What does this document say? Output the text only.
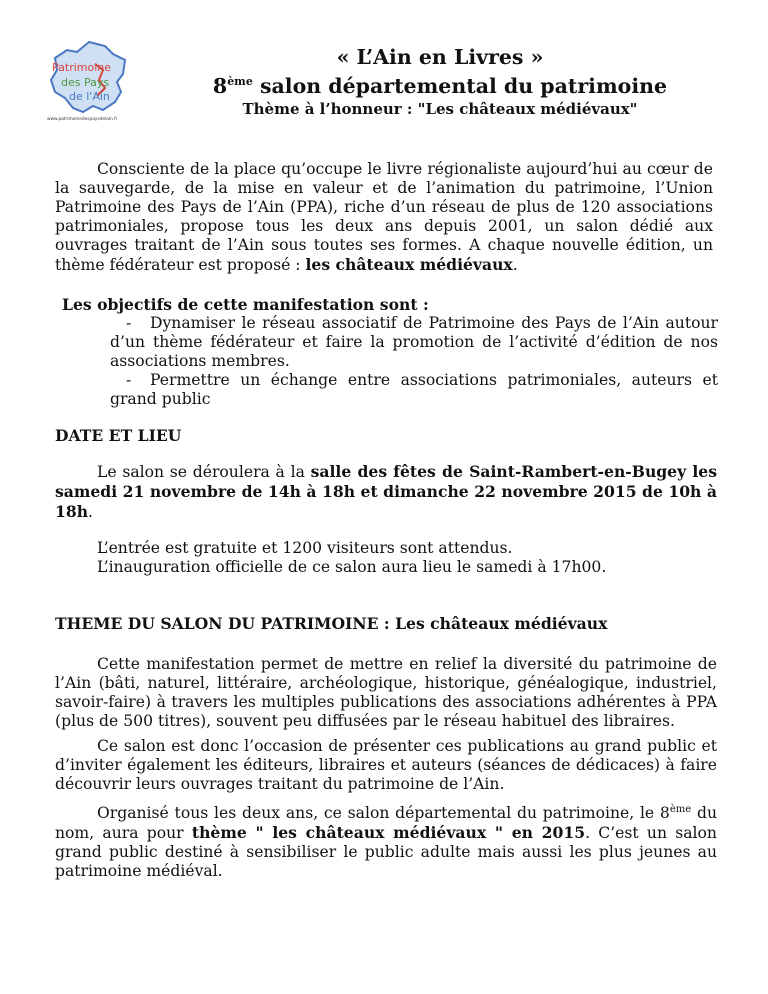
Patrimoine
des Pays
de l'Ain
www.patrimoinedespaysdelain.fr
« L’Ain en Livres »
8ème salon départemental du patrimoine
Thème à l’honneur : "Les châteaux médiévaux"

Consciente de la place qu’occupe le livre régionaliste aujourd’hui au cœur de la sauvegarde, de la mise en valeur et de l’animation du patrimoine, l’Union Patrimoine des Pays de l’Ain (PPA), riche d’un réseau de plus de 120 associations patrimoniales, propose tous les deux ans depuis 2001, un salon dédié aux ouvrages traitant de l’Ain sous toutes ses formes. A chaque nouvelle édition, un thème fédérateur est proposé : les châteaux médiévaux.

Les objectifs de cette manifestation sont :

- Dynamiser le réseau associatif de Patrimoine des Pays de l’Ain autour d’un thème fédérateur et faire la promotion de l’activité d’édition de nos associations membres.

- Permettre un échange entre associations patrimoniales, auteurs et grand public

DATE ET LIEU

Le salon se déroulera à la salle des fêtes de Saint-Rambert-en-Bugey les samedi 21 novembre de 14h à 18h et dimanche 22 novembre 2015 de 10h à 18h.

L’entrée est gratuite et 1200 visiteurs sont attendus.
L’inauguration officielle de ce salon aura lieu le samedi à 17h00.
THEME DU SALON DU PATRIMOINE : Les châteaux médiévaux

Cette manifestation permet de mettre en relief la diversité du patrimoine de l’Ain (bâti, naturel, littéraire, archéologique, historique, généalogique, industriel, savoir-faire) à travers les multiples publications des associations adhérentes à PPA (plus de 500 titres), souvent peu diffusées par le réseau habituel des libraires.

Ce salon est donc l’occasion de présenter ces publications au grand public et d’inviter également les éditeurs, libraires et auteurs (séances de dédicaces) à faire découvrir leurs ouvrages traitant du patrimoine de l’Ain.

Organisé tous les deux ans, ce salon départemental du patrimoine, le 8ème du nom, aura pour thème " les châteaux médiévaux " en 2015. C’est un salon grand public destiné à sensibiliser le public adulte mais aussi les plus jeunes au patrimoine médiéval.
